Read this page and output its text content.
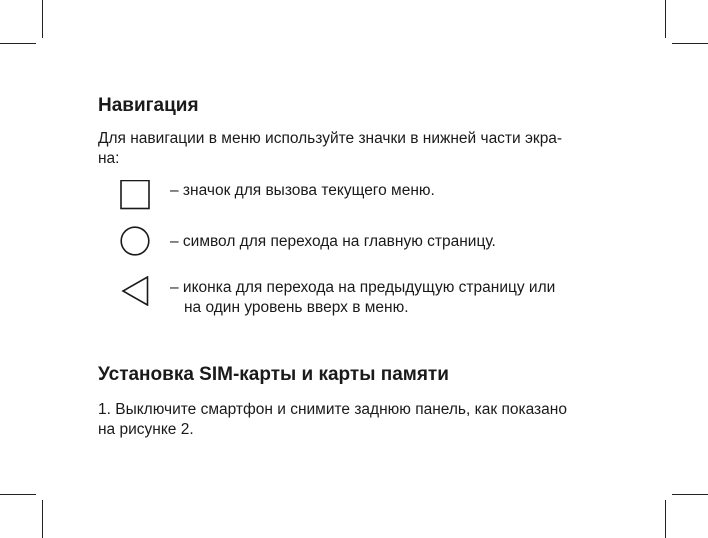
Навигация

Для навигации в меню используйте значки в нижней части экра-
на:

– значок для вызова текущего меню.

– символ для перехода на главную страницу.

– иконка для перехода на предыдущую страницу или
на один уровень вверх в меню.

Установка SIM-карты и карты памяти

1. Выключите смартфон и снимите заднюю панель, как показано
на рисунке 2.
